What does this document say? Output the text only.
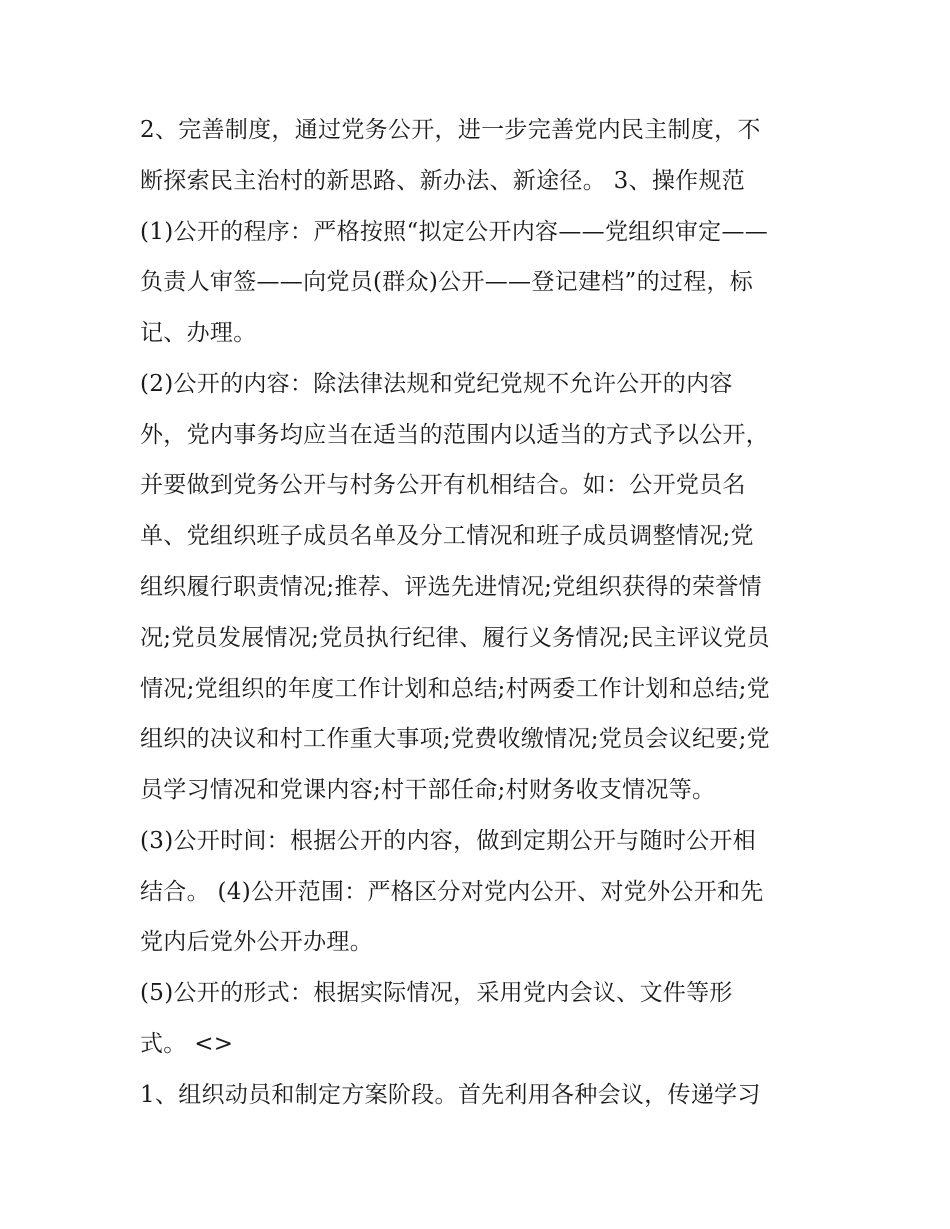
2、完善制度，通过党务公开，进一步完善党内民主制度，不
断探索民主治村的新思路、新办法、新途径。 3、操作规范
(1)公开的程序：严格按照“拟定公开内容——党组织审定——
负责人审签——向党员(群众)公开——登记建档”的过程，标
记、办理。
(2)公开的内容：除法律法规和党纪党规不允许公开的内容
外，党内事务均应当在适当的范围内以适当的方式予以公开，
并要做到党务公开与村务公开有机相结合。如：公开党员名
单、党组织班子成员名单及分工情况和班子成员调整情况;党
组织履行职责情况;推荐、评选先进情况;党组织获得的荣誉情
况;党员发展情况;党员执行纪律、履行义务情况;民主评议党员
情况;党组织的年度工作计划和总结;村两委工作计划和总结;党
组织的决议和村工作重大事项;党费收缴情况;党员会议纪要;党
员学习情况和党课内容;村干部任命;村财务收支情况等。
(3)公开时间：根据公开的内容，做到定期公开与随时公开相
结合。 (4)公开范围：严格区分对党内公开、对党外公开和先
党内后党外公开办理。
(5)公开的形式：根据实际情况，采用党内会议、文件等形
式。 <>
1、组织动员和制定方案阶段。首先利用各种会议，传递学习
